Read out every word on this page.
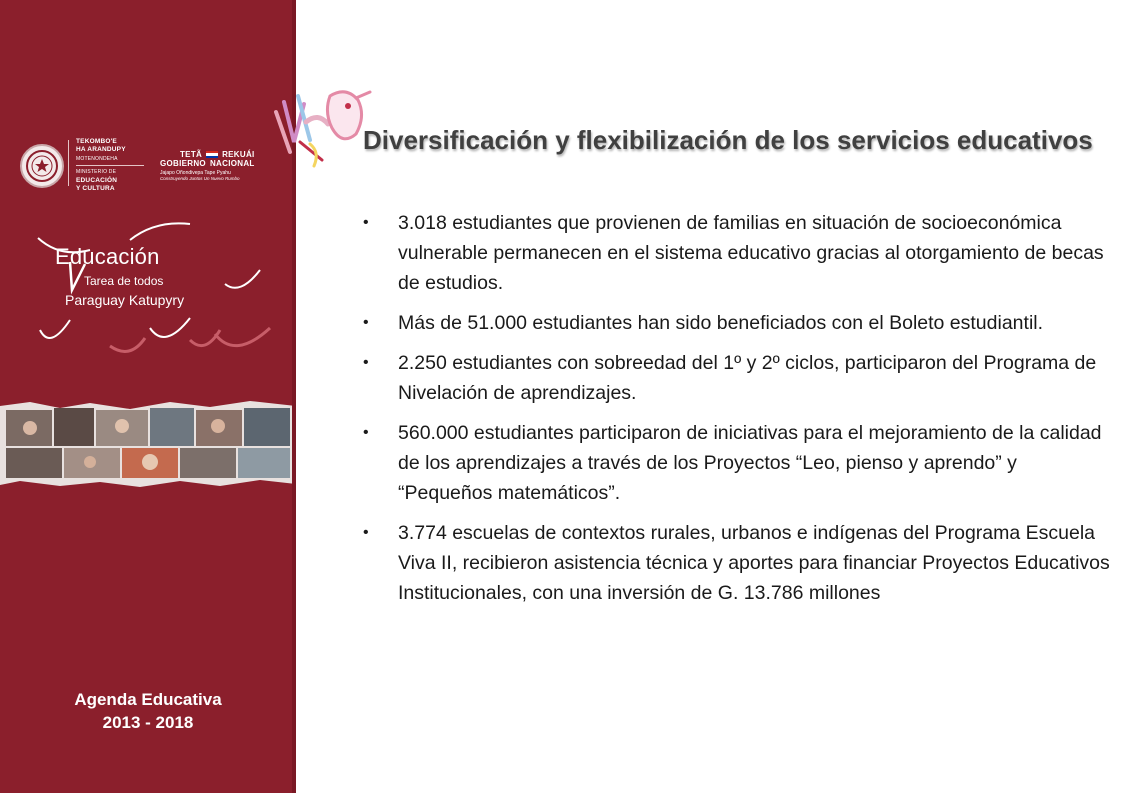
TEKOMBO'E
HA ARANDUPY
MOTENONDEHA
MINISTERIO DE
EDUCACIÓN
Y CULTURA
TETÃ	REKUÁI
GOBIERNO NACIONAL
Jajapo Oñondivepa Tape Pyahu
Construyendo Juntos Un Nuevo Rumbo
Educación
Tarea de todos
Paraguay Katupyry
Agenda Educativa
2013 - 2018
Diversificación y flexibilización de los servicios educativos
• 3.018 estudiantes que provienen de familias en situación de socioeconómica vulnerable permanecen en el sistema educativo gracias al otorgamiento de becas de estudios.
• Más de 51.000 estudiantes han sido beneficiados con el Boleto estudiantil.
• 2.250 estudiantes con sobreedad del 1º y 2º ciclos, participaron del Programa de Nivelación de aprendizajes.
• 560.000 estudiantes participaron de iniciativas para el mejoramiento de la calidad de los aprendizajes a través de los Proyectos “Leo, pienso y aprendo” y “Pequeños matemáticos”.
• 3.774 escuelas de contextos rurales, urbanos e indígenas del Programa Escuela Viva II, recibieron asistencia técnica y aportes para financiar Proyectos Educativos Institucionales, con una inversión de G. 13.786 millones
